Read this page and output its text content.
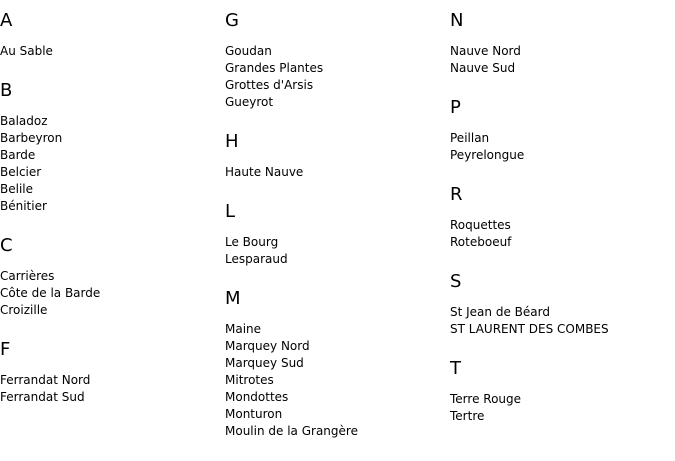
A
Au Sable
B
Baladoz
Barbeyron
Barde
Belcier
Belile
Bénitier
C
Carrières
Côte de la Barde
Croizille
F
Ferrandat Nord
Ferrandat Sud
G
Goudan
Grandes Plantes
Grottes d'Arsis
Gueyrot
H
Haute Nauve
L
Le Bourg
Lesparaud
M
Maine
Marquey Nord
Marquey Sud
Mitrotes
Mondottes
Monturon
Moulin de la Grangère
N
Nauve Nord
Nauve Sud
P
Peillan
Peyrelongue
R
Roquettes
Roteboeuf
S
St Jean de Béard
ST LAURENT DES COMBES
T
Terre Rouge
Tertre
